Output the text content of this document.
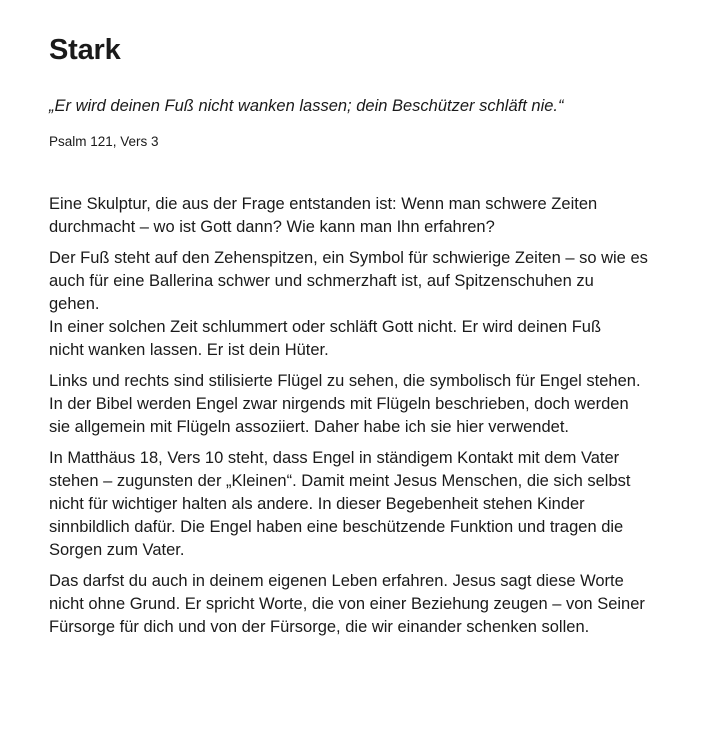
Stark

„Er wird deinen Fuß nicht wanken lassen; dein Beschützer schläft nie.“

Psalm 121, Vers 3

Eine Skulptur, die aus der Frage entstanden ist: Wenn man schwere Zeiten
durchmacht – wo ist Gott dann? Wie kann man Ihn erfahren?

Der Fuß steht auf den Zehenspitzen, ein Symbol für schwierige Zeiten – so wie es
auch für eine Ballerina schwer und schmerzhaft ist, auf Spitzenschuhen zu
gehen.
In einer solchen Zeit schlummert oder schläft Gott nicht. Er wird deinen Fuß
nicht wanken lassen. Er ist dein Hüter.

Links und rechts sind stilisierte Flügel zu sehen, die symbolisch für Engel stehen.
In der Bibel werden Engel zwar nirgends mit Flügeln beschrieben, doch werden
sie allgemein mit Flügeln assoziiert. Daher habe ich sie hier verwendet.

In Matthäus 18, Vers 10 steht, dass Engel in ständigem Kontakt mit dem Vater
stehen – zugunsten der „Kleinen“. Damit meint Jesus Menschen, die sich selbst
nicht für wichtiger halten als andere. In dieser Begebenheit stehen Kinder
sinnbildlich dafür. Die Engel haben eine beschützende Funktion und tragen die
Sorgen zum Vater.

Das darfst du auch in deinem eigenen Leben erfahren. Jesus sagt diese Worte
nicht ohne Grund. Er spricht Worte, die von einer Beziehung zeugen – von Seiner
Fürsorge für dich und von der Fürsorge, die wir einander schenken sollen.
